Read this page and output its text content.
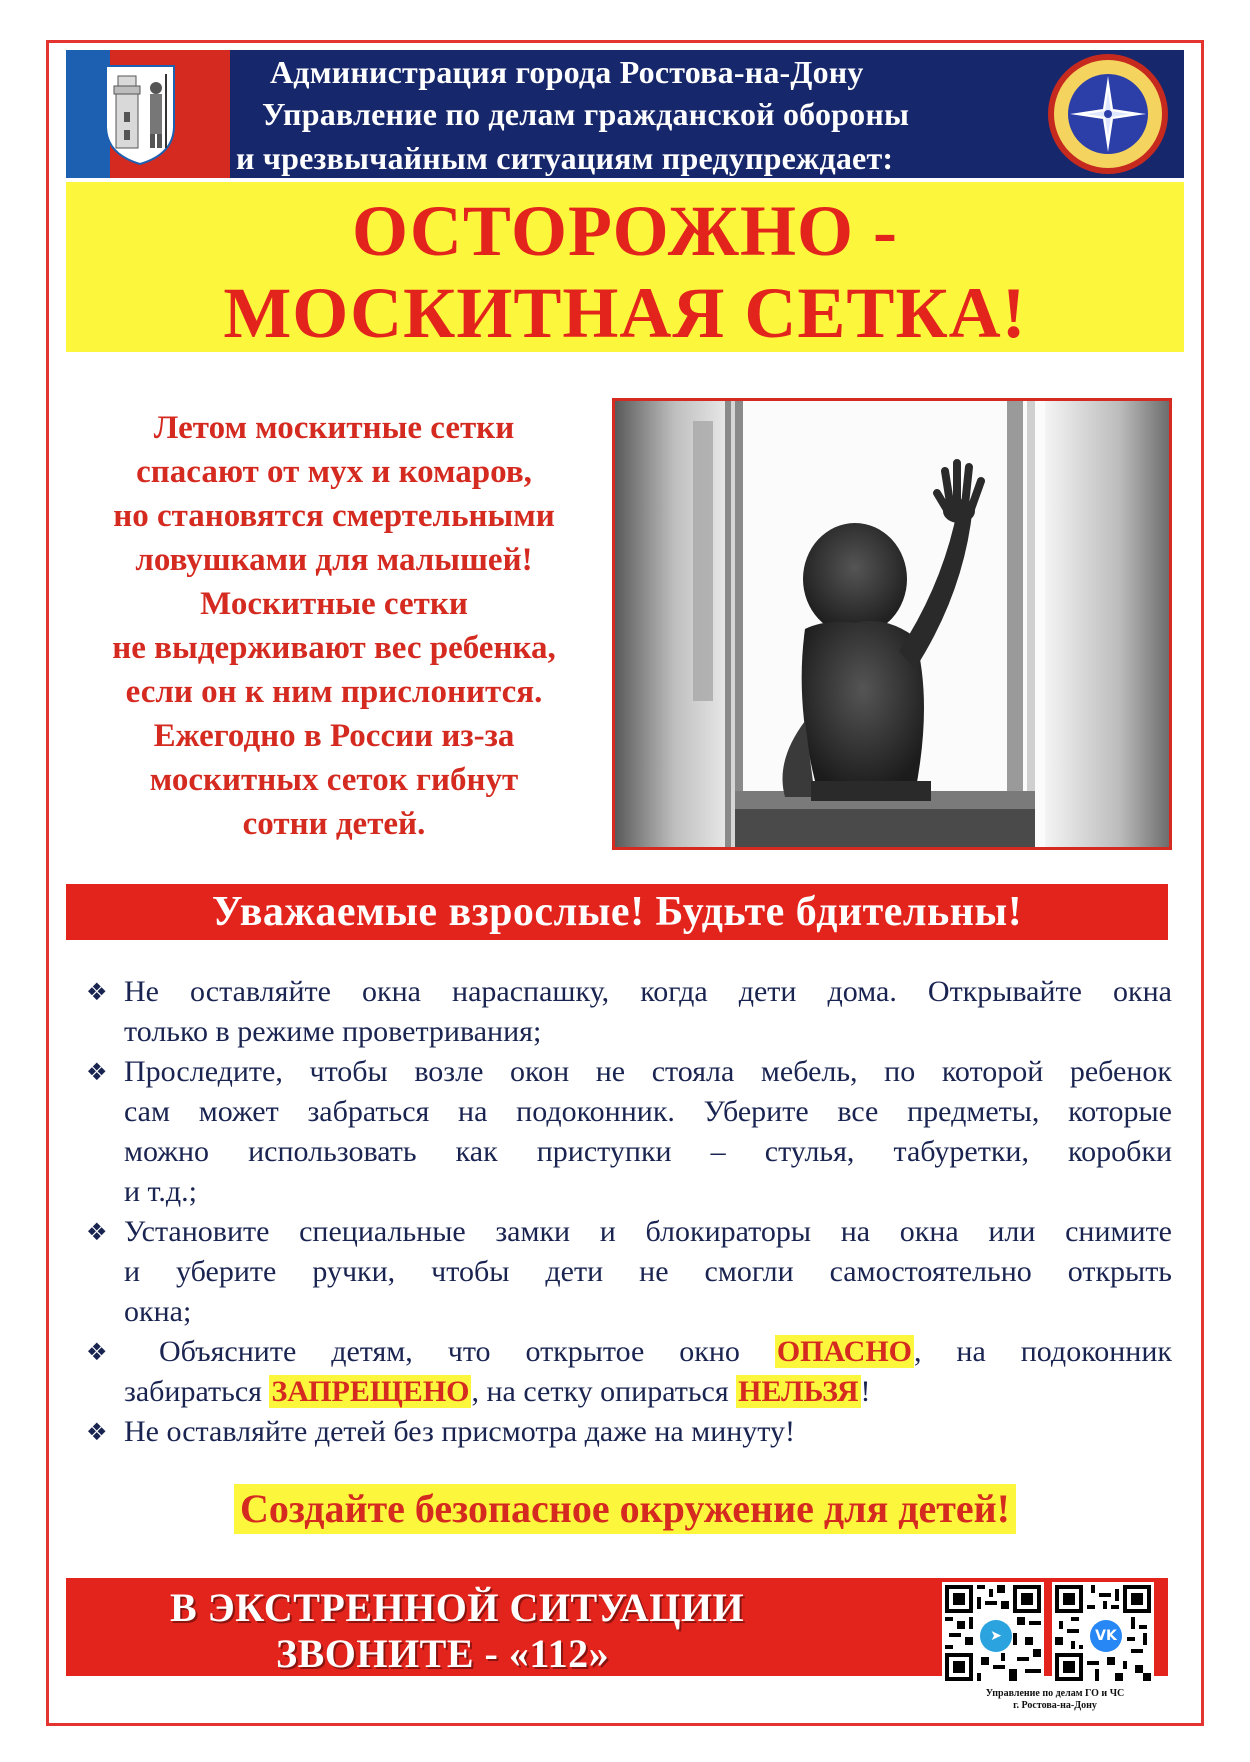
Администрация города Ростова-на-Дону
Управление по делам гражданской обороны
и чрезвычайным ситуациям предупреждает:
ОСТОРОЖНО -
МОСКИТНАЯ СЕТКА!
Летом москитные сетки
спасают от мух и комаров,
но становятся смертельными
ловушками для малышей!
Москитные сетки
не выдерживают вес ребенка,
если он к ним прислонится.
Ежегодно в России из-за
москитных сеток гибнут
сотни детей.
Уважаемые взрослые! Будьте бдительны!
❖ Не оставляйте окна нараспашку, когда дети дома. Открывайте окна
только в режиме проветривания;
❖ Проследите, чтобы возле окон не стояла мебель, по которой ребенок
сам может забраться на подоконник. Уберите все предметы, которые
можно использовать как приступки – стулья, табуретки, коробки
и т.д.;
❖ Установите специальные замки и блокираторы на окна или снимите
и уберите ручки, чтобы дети не смогли самостоятельно открыть
окна;
❖	Объясните детям, что открытое окно ОПАСНО, на подоконник
забираться ЗАПРЕЩЕНО, на сетку опираться НЕЛЬЗЯ!
❖ Не оставляйте детей без присмотра даже на минуту!
Создайте безопасное окружение для детей!
В ЭКСТРЕННОЙ СИТУАЦИИ
ЗВОНИТЕ - «112»	➤	VK
Управление по делам ГО и ЧС
г. Ростова-на-Дону
